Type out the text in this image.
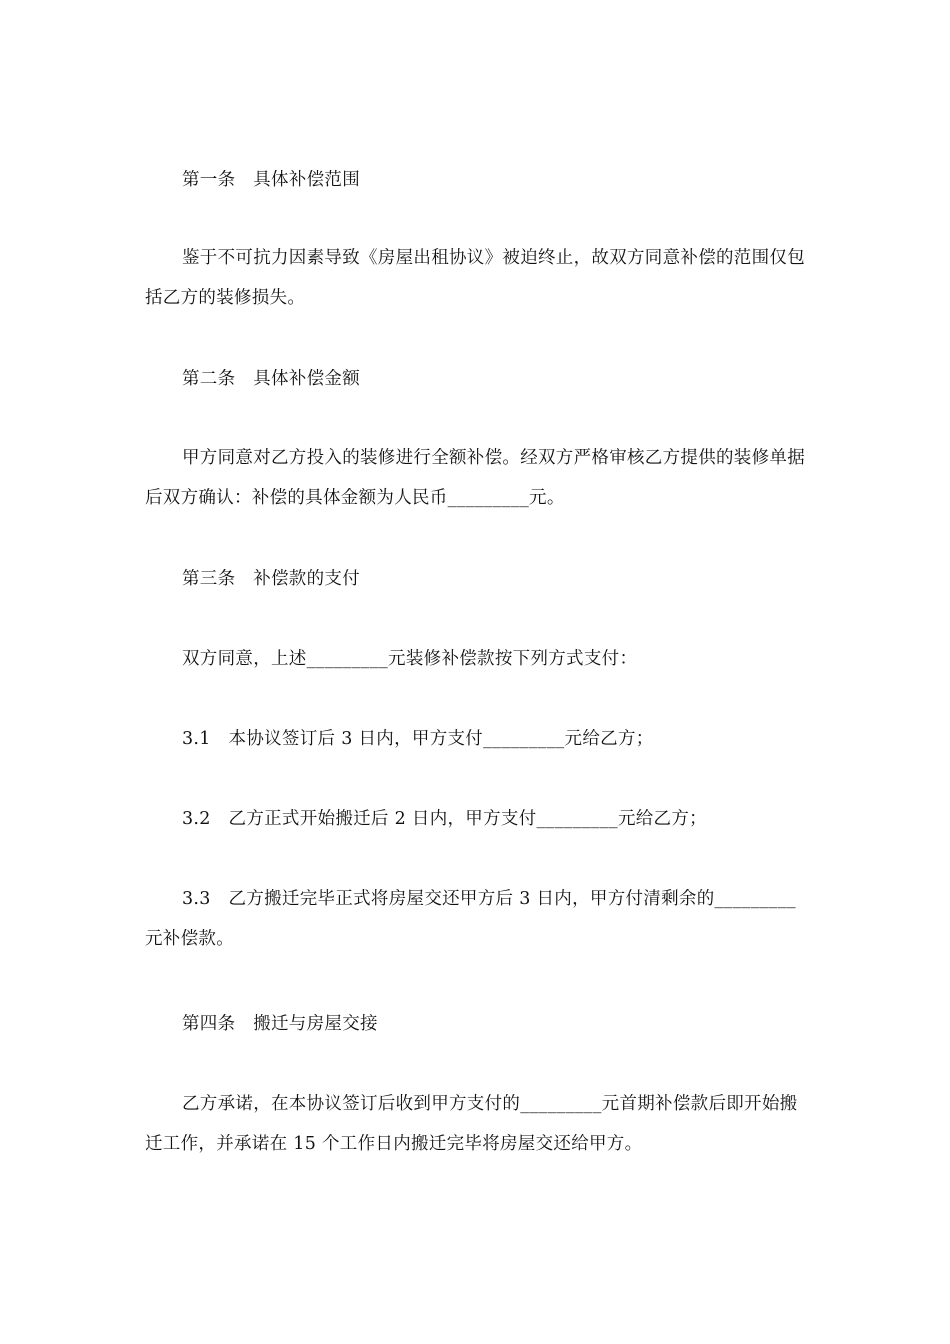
第一条　具体补偿范围

鉴于不可抗力因素导致《房屋出租协议》被迫终止，故双方同意补偿的范围仅包括乙方的装修损失。

第二条　具体补偿金额

甲方同意对乙方投入的装修进行全额补偿。经双方严格审核乙方提供的装修单据后双方确认：补偿的具体金额为人民币_________元。

第三条　补偿款的支付

双方同意，上述_________元装修补偿款按下列方式支付：

3.1　本协议签订后 3 日内，甲方支付_________元给乙方；

3.2　乙方正式开始搬迁后 2 日内，甲方支付_________元给乙方；

3.3　乙方搬迁完毕正式将房屋交还甲方后 3 日内，甲方付清剩余的_________元补偿款。

第四条　搬迁与房屋交接

乙方承诺，在本协议签订后收到甲方支付的_________元首期补偿款后即开始搬迁工作，并承诺在 15 个工作日内搬迁完毕将房屋交还给甲方。
